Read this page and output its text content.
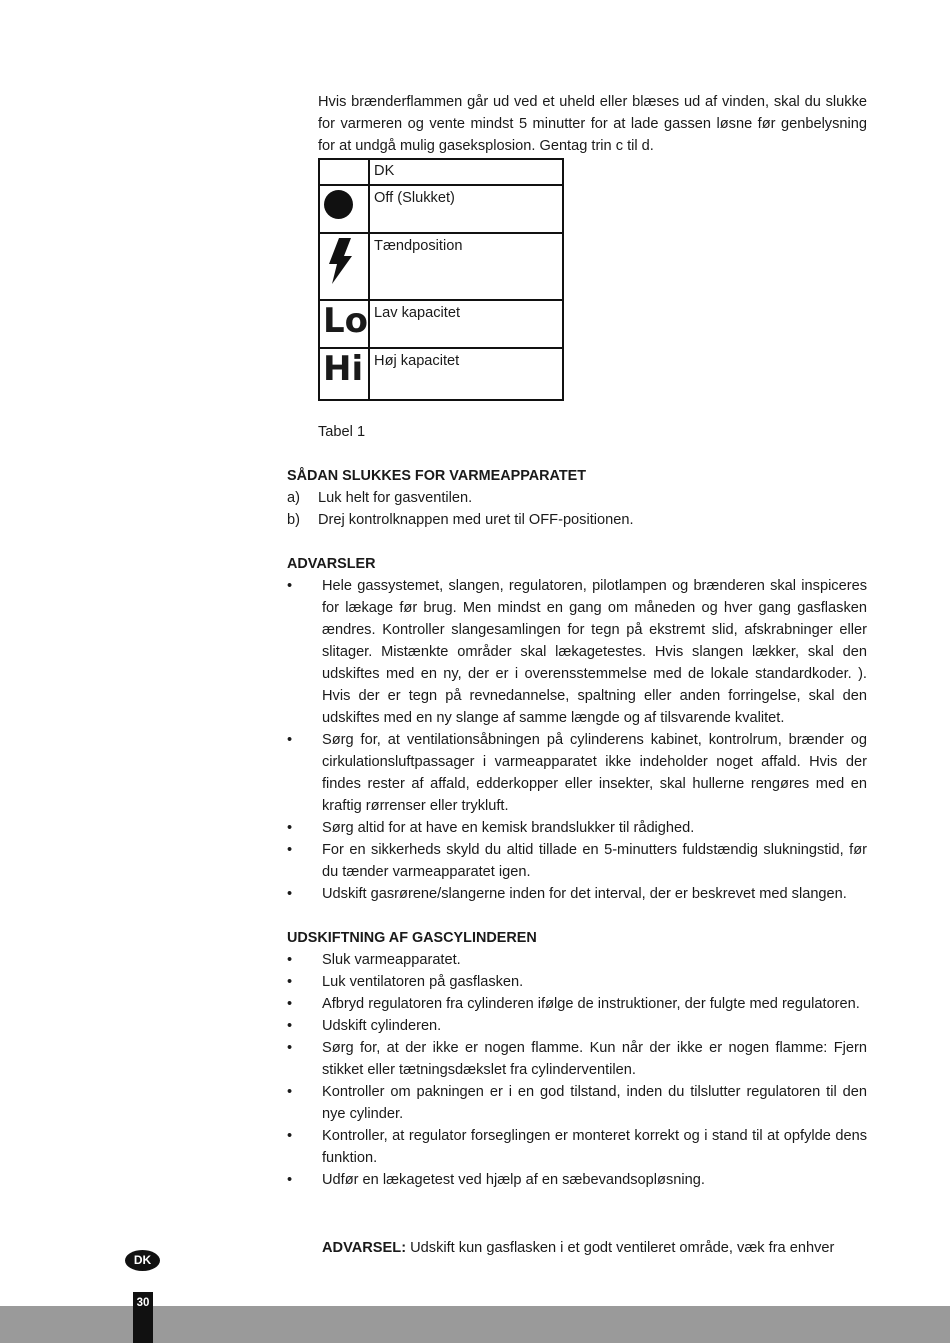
Hvis brænderflammen går ud ved et uheld eller blæses ud af vinden, skal du slukke for varmeren og vente mindst 5 minutter for at lade gassen løsne før genbelysning for at undgå mulig gaseksplosion. Gentag trin c til d.
	DK

	Off (Slukket)

	Tændposition

Lo	Lav kapacitet

Hi	Høj kapacitet
Tabel 1
SÅDAN SLUKKES FOR VARMEAPPARATET
a)	Luk helt for gasventilen.
b)	Drej kontrolknappen med uret til OFF-positionen.
ADVARSLER
• Hele gassystemet, slangen, regulatoren, pilotlampen og brænderen skal inspiceres for lækage før brug. Men mindst en gang om måneden og hver gang gasflasken ændres. Kontroller slangesamlingen for tegn på ekstremt slid, afskrabninger eller slitager. Mistænkte områder skal lækagetestes. Hvis slangen lækker, skal den udskiftes med en ny, der er i overensstemmelse med de lokale standardkoder. ). Hvis der er tegn på revnedannelse, spaltning eller anden forringelse, skal den udskiftes med en ny slange af samme længde og af tilsvarende kvalitet.
• Sørg for, at ventilationsåbningen på cylinderens kabinet, kontrolrum, brænder og cirkulationsluftpassager i varmeapparatet ikke indeholder noget affald. Hvis der findes rester af affald, edderkopper eller insekter, skal hullerne rengøres med en kraftig rørrenser eller trykluft.
• Sørg altid for at have en kemisk brandslukker til rådighed.
• For en sikkerheds skyld du altid tillade en 5-minutters fuldstændig slukningstid, før du tænder varmeapparatet igen.
• Udskift gasrørene/slangerne inden for det interval, der er beskrevet med slangen.
UDSKIFTNING AF GASCYLINDEREN
• Sluk varmeapparatet.
• Luk ventilatoren på gasflasken.
• Afbryd regulatoren fra cylinderen ifølge de instruktioner, der fulgte med regulatoren.
• Udskift cylinderen.
• Sørg for, at der ikke er nogen flamme. Kun når der ikke er nogen flamme: Fjern stikket eller tætningsdækslet fra cylinderventilen.
• Kontroller om pakningen er i en god tilstand, inden du tilslutter regulatoren til den nye cylinder.
• Kontroller, at regulator forseglingen er monteret korrekt og i stand til at opfylde dens funktion.
• Udfør en lækagetest ved hjælp af en sæbevandsopløsning.
ADVARSEL: Udskift kun gasflasken i et godt ventileret område, væk fra enhver
DK
30
